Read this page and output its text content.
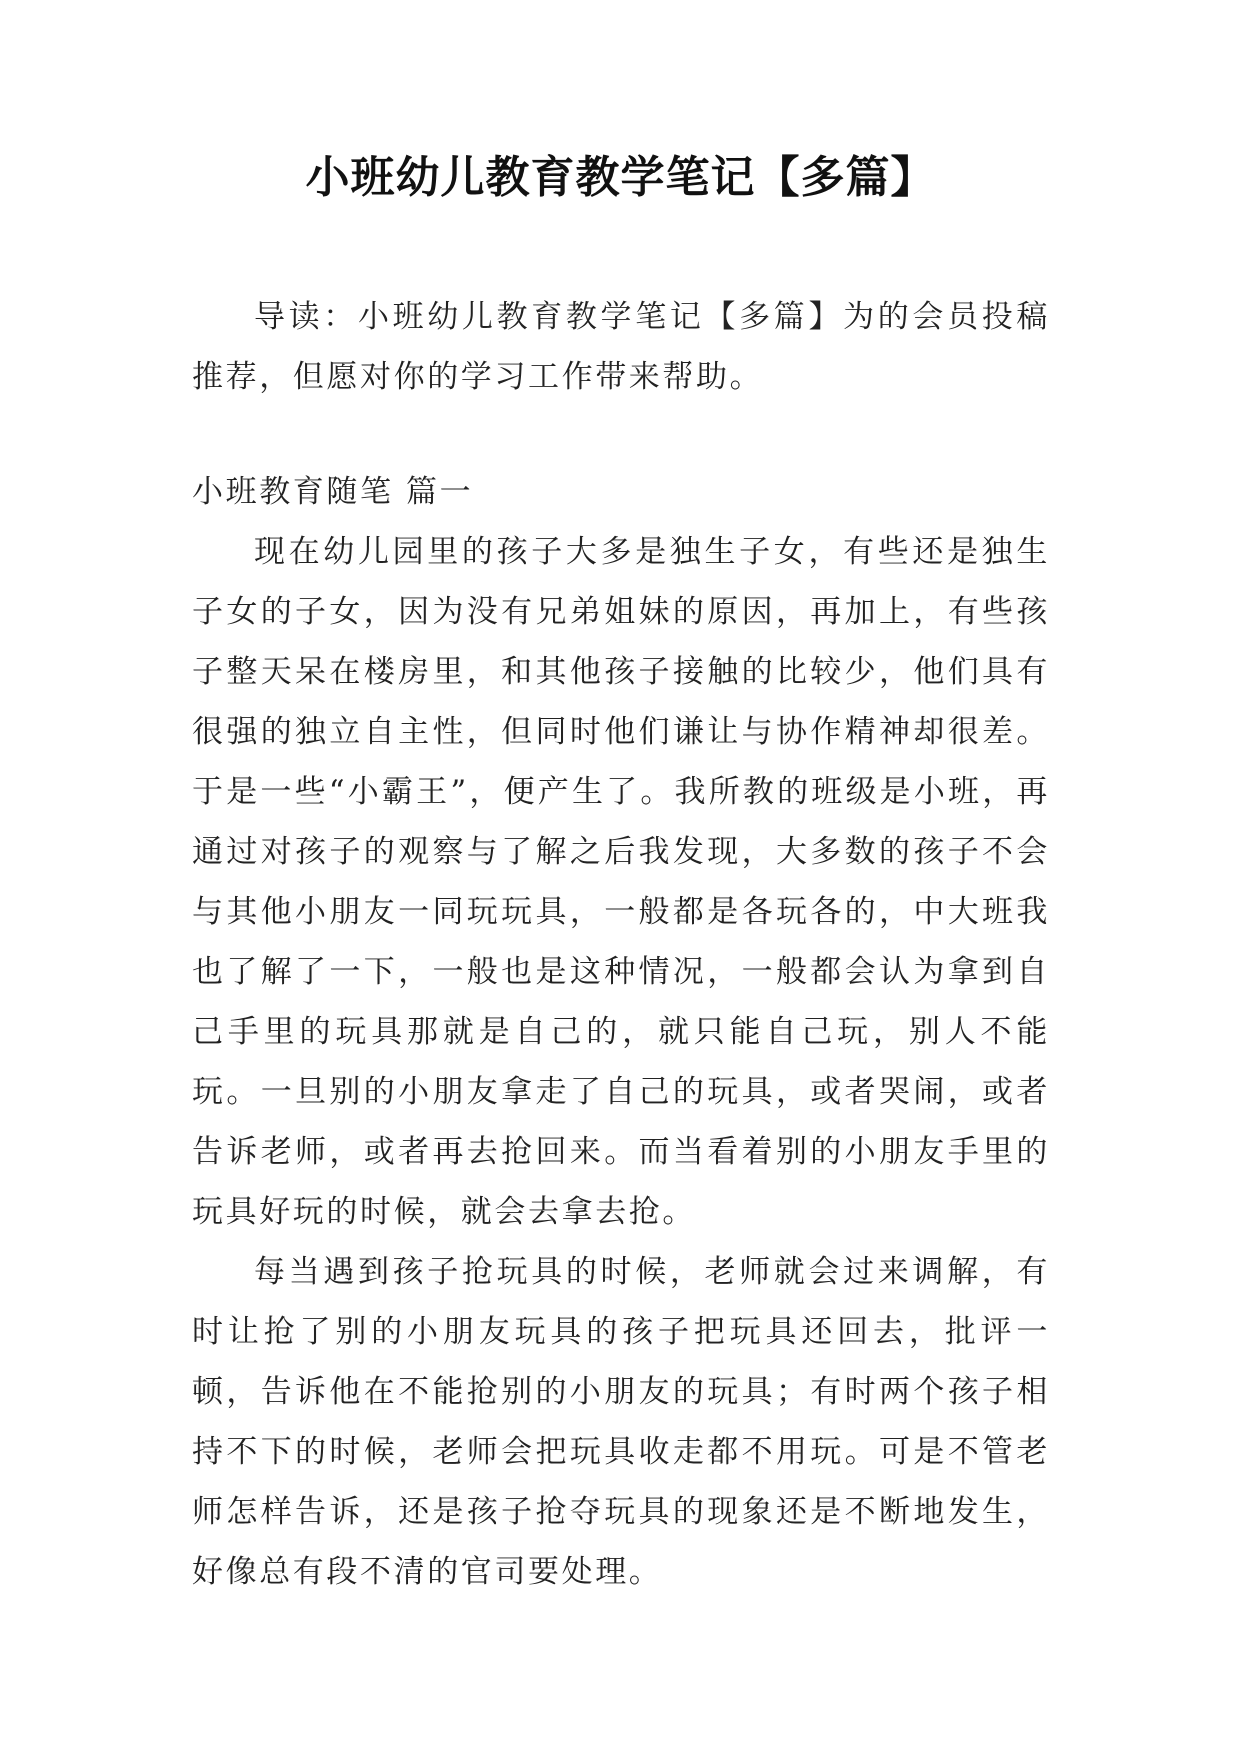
小班幼儿教育教学笔记【多篇】

导读：小班幼儿教育教学笔记【多篇】为的会员投稿推荐，但愿对你的学习工作带来帮助。

小班教育随笔 篇一

现在幼儿园里的孩子大多是独生子女，有些还是独生子女的子女，因为没有兄弟姐妹的原因，再加上，有些孩子整天呆在楼房里，和其他孩子接触的比较少，他们具有很强的独立自主性，但同时他们谦让与协作精神却很差。于是一些“小霸王”，便产生了。我所教的班级是小班，再通过对孩子的观察与了解之后我发现，大多数的孩子不会与其他小朋友一同玩玩具，一般都是各玩各的，中大班我也了解了一下，一般也是这种情况，一般都会认为拿到自己手里的玩具那就是自己的，就只能自己玩，别人不能玩。一旦别的小朋友拿走了自己的玩具，或者哭闹，或者告诉老师，或者再去抢回来。而当看着别的小朋友手里的玩具好玩的时候，就会去拿去抢。

每当遇到孩子抢玩具的时候，老师就会过来调解，有时让抢了别的小朋友玩具的孩子把玩具还回去，批评一顿，告诉他在不能抢别的小朋友的玩具；有时两个孩子相持不下的时候，老师会把玩具收走都不用玩。可是不管老师怎样告诉，还是孩子抢夺玩具的现象还是不断地发生，好像总有段不清的官司要处理。
